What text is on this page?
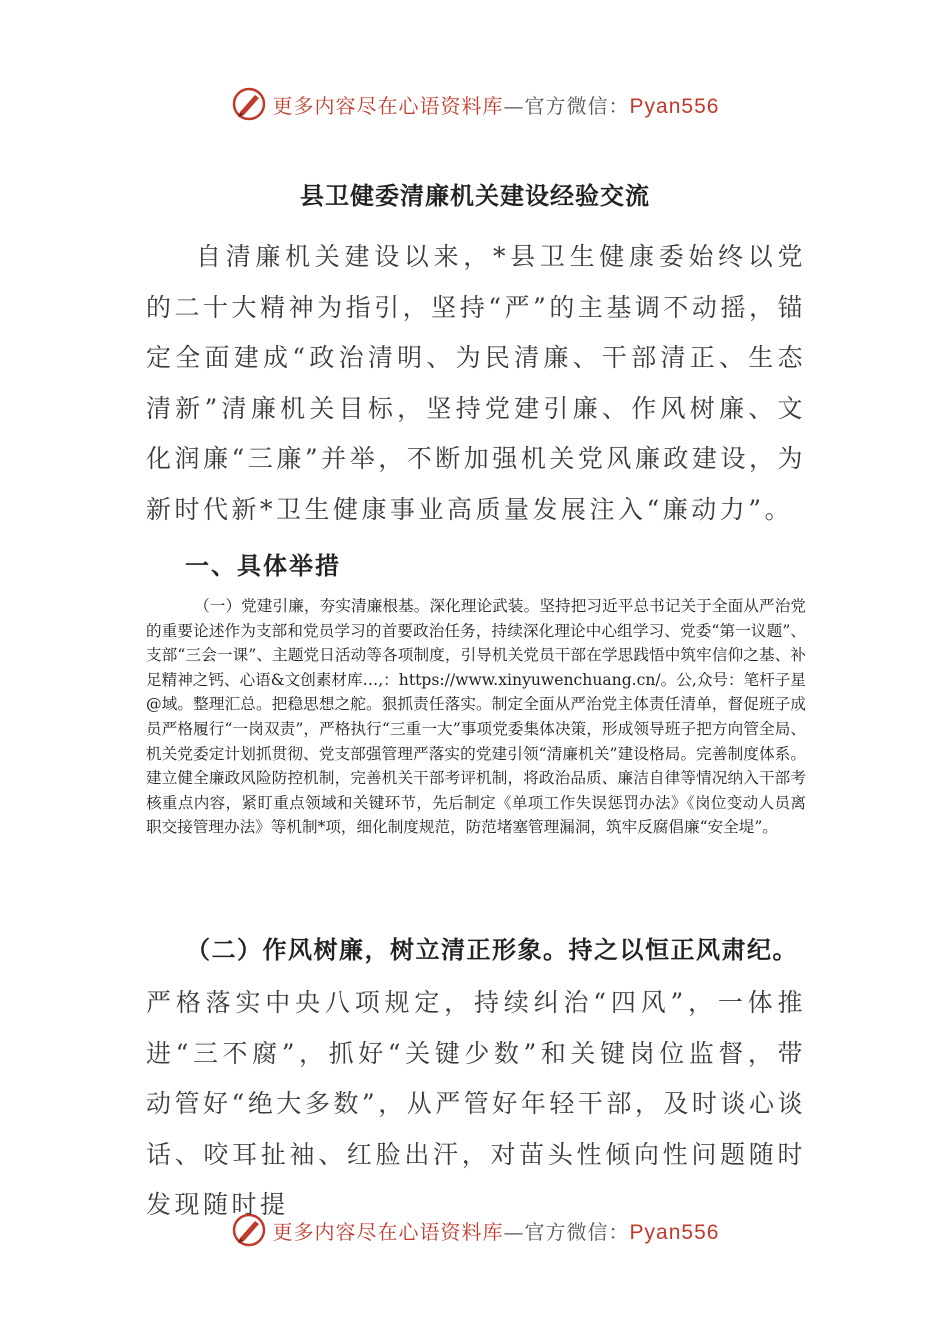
更多内容尽在心语资料库—官方微信：Pyan556
县卫健委清廉机关建设经验交流
自清廉机关建设以来，*县卫生健康委始终以党的二十大精神为指引，坚持“严”的主基调不动摇，锚定全面建成“政治清明、为民清廉、干部清正、生态清新”清廉机关目标，坚持党建引廉、作风树廉、文化润廉“三廉”并举，不断加强机关党风廉政建设，为新时代新*卫生健康事业高质量发展注入“廉动力”。
一、具体举措
（一）党建引廉，夯实清廉根基。深化理论武装。坚持把习近平总书记关于全面从严治党的重要论述作为支部和党员学习的首要政治任务，持续深化理论中心组学习、党委“第一议题”、支部“三会一课”、主题党日活动等各项制度，引导机关党员干部在学思践悟中筑牢信仰之基、补足精神之钙、心语&文创素材库…,：https://www.xinyuwenchuang.cn/。公,众号：笔杆子星@域。整理汇总。把稳思想之舵。狠抓责任落实。制定全面从严治党主体责任清单，督促班子成员严格履行“一岗双责”，严格执行“三重一大”事项党委集体决策，形成领导班子把方向管全局、机关党委定计划抓贯彻、党支部强管理严落实的党建引领“清廉机关”建设格局。完善制度体系。建立健全廉政风险防控机制，完善机关干部考评机制，将政治品质、廉洁自律等情况纳入干部考核重点内容，紧盯重点领域和关键环节，先后制定《单项工作失误惩罚办法》《岗位变动人员离职交接管理办法》等机制*项，细化制度规范，防范堵塞管理漏洞，筑牢反腐倡廉“安全堤”。
（二）作风树廉，树立清正形象。持之以恒正风肃纪。
严格落实中央八项规定，持续纠治“四风”，一体推进“三不腐”，抓好“关键少数”和关键岗位监督，带动管好“绝大多数”，从严管好年轻干部，及时谈心谈话、咬耳扯袖、红脸出汗，对苗头性倾向性问题随时发现随时提
更多内容尽在心语资料库—官方微信：Pyan556
